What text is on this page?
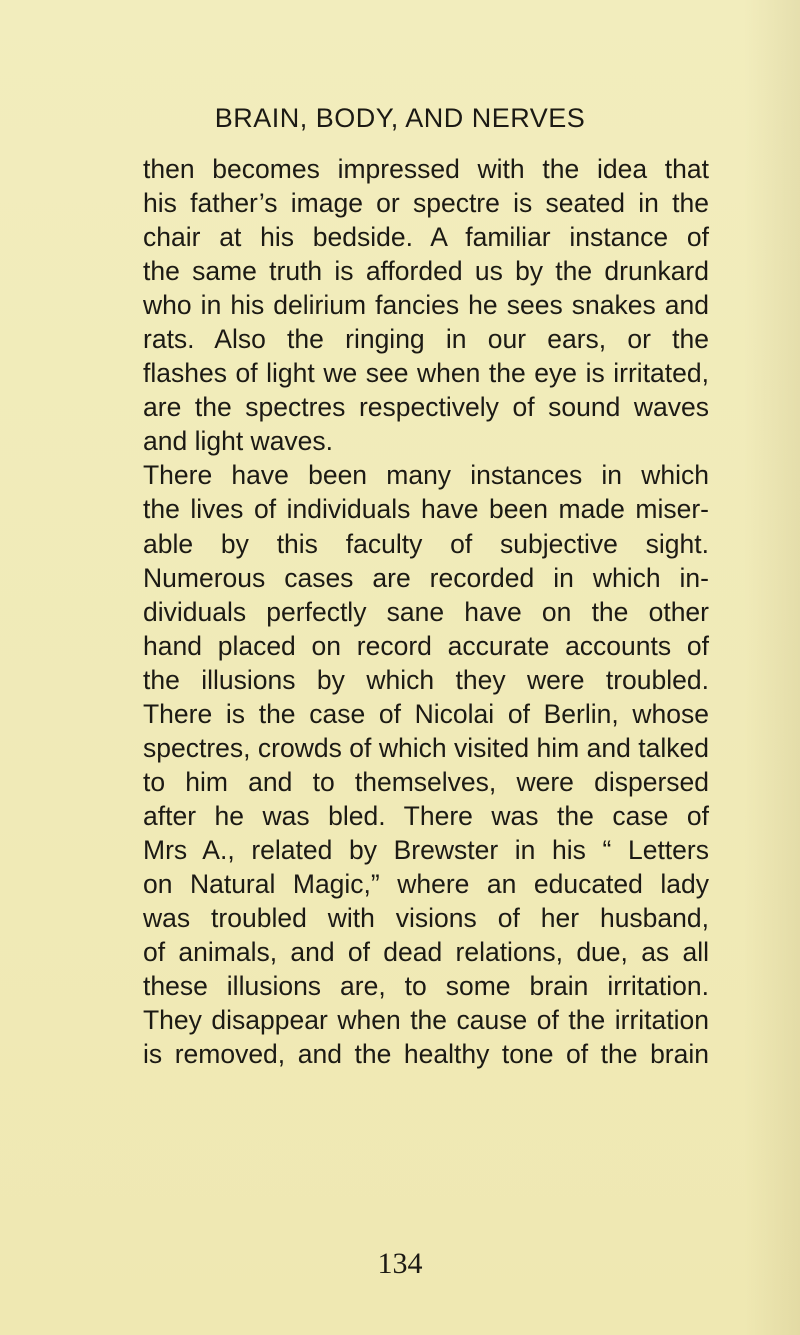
BRAIN, BODY, AND NERVES
then becomes impressed with the idea that
his father’s image or spectre is seated in the
chair at his bedside. A familiar instance of
the same truth is afforded us by the drunkard
who in his delirium fancies he sees snakes and
rats. Also the ringing in our ears, or the
flashes of light we see when the eye is irritated,
are the spectres respectively of sound waves
and light waves.
There have been many instances in which
the lives of individuals have been made miser-
able by this faculty of subjective sight.
Numerous cases are recorded in which in-
dividuals perfectly sane have on the other
hand placed on record accurate accounts of
the illusions by which they were troubled.
There is the case of Nicolai of Berlin, whose
spectres, crowds of which visited him and talked
to him and to themselves, were dispersed
after he was bled. There was the case of
Mrs A., related by Brewster in his “ Letters
on Natural Magic,” where an educated lady
was troubled with visions of her husband,
of animals, and of dead relations, due, as all
these illusions are, to some brain irritation.
They disappear when the cause of the irritation
is removed, and the healthy tone of the brain
134
